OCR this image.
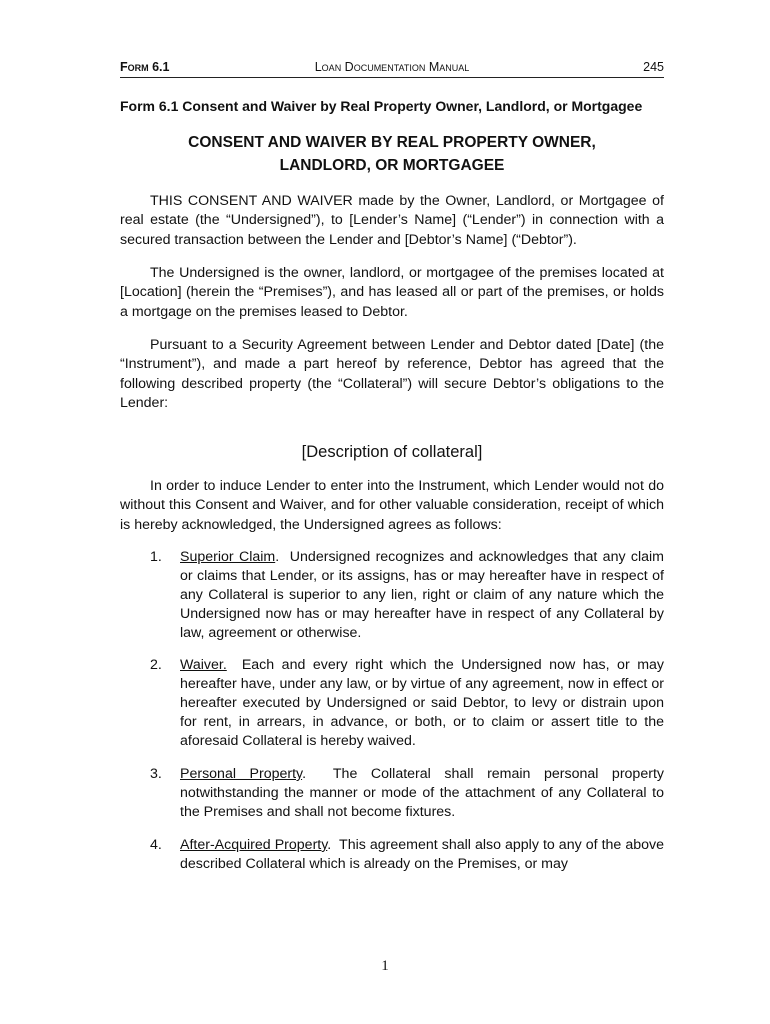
Form 6.1	Loan Documentation Manual	245
Form 6.1 Consent and Waiver by Real Property Owner, Landlord, or Mortgagee
CONSENT AND WAIVER BY REAL PROPERTY OWNER,
LANDLORD, OR MORTGAGEE

THIS CONSENT AND WAIVER made by the Owner, Landlord, or Mortgagee of real estate (the “Undersigned”), to [Lender’s Name] (“Lender”) in connection with a secured transaction between the Lender and [Debtor’s Name] (“Debtor”).

The Undersigned is the owner, landlord, or mortgagee of the premises located at [Location] (herein the “Premises”), and has leased all or part of the premises, or holds a mortgage on the premises leased to Debtor.

Pursuant to a Security Agreement between Lender and Debtor dated [Date] (the “Instrument”), and made a part hereof by reference, Debtor has agreed that the following described property (the “Collateral”) will secure Debtor’s obligations to the Lender:

[Description of collateral]

In order to induce Lender to enter into the Instrument, which Lender would not do without this Consent and Waiver, and for other valuable consideration, receipt of which is hereby acknowledged, the Undersigned agrees as follows:

1. Superior Claim. Undersigned recognizes and acknowledges that any claim or claims that Lender, or its assigns, has or may hereafter have in respect of any Collateral is superior to any lien, right or claim of any nature which the Undersigned now has or may hereafter have in respect of any Collateral by law, agreement or otherwise.
2. Waiver. Each and every right which the Undersigned now has, or may hereafter have, under any law, or by virtue of any agreement, now in effect or hereafter executed by Undersigned or said Debtor, to levy or distrain upon for rent, in arrears, in advance, or both, or to claim or assert title to the aforesaid Collateral is hereby waived.
3. Personal Property. The Collateral shall remain personal property notwithstanding the manner or mode of the attachment of any Collateral to the Premises and shall not become fixtures.
4. After-Acquired Property. This agreement shall also apply to any of the above described Collateral which is already on the Premises, or may
1
